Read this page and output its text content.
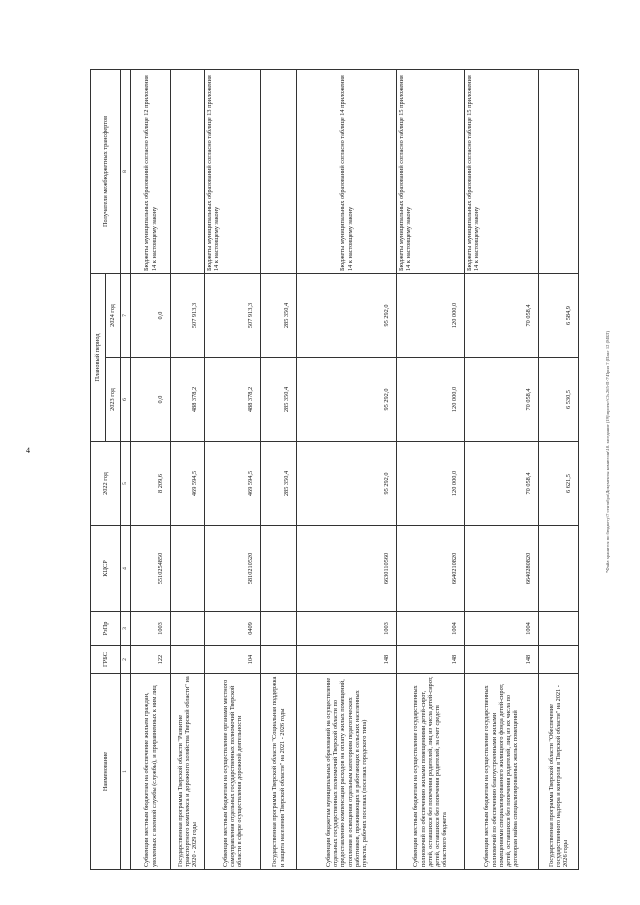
4	*Файл хранится по бюджету\7 сентября\Документы комиссии\18. заседание (19)\проект\Ch.265-П-7\Прил 7 (Пакт 12 (МБТ)
Наименование	ГРБС	РзПр	КЦСР	2022 год	Плановый период		Получатели межбюджетных трансфертов
					2023 год	2024 год	
1	2	3	4	5	6	7	8
Субвенции местным бюджетам на обеспечение жильем граждан, уволенных с военной службы (службы), и приравненных к ним лиц	122	1003	5510254850	8 209,6	0,0	0,0	Бюджеты муниципальных образований согласно таблице 12 приложения 14 к настоящему закону
Государственная программа Тверской области "Развитие транспортного комплекса и дорожного хозяйства Тверской области" на 2020 - 2029 годы				469 594,5	488 378,2	507 913,3	
Субвенции местным бюджетам на осуществление органами местного самоуправления отдельных государственных полномочий Тверской области в сфере осуществления дорожной деятельности	104	0409	5810210520	469 594,5	488 378,2	507 913,3	Бюджеты муниципальных образований согласно таблице 13 приложения 14 к настоящему закону
Государственная программа Тверской области "Социальная поддержка и защита населения Тверской области" на 2021 - 2026 годы				285 350,4	285 350,4	285 350,4	
Субвенции бюджетам муниципальных образований на осуществление отдельных государственных полномочий Тверской области по предоставлению компенсации расходов на оплату жилых помещений, отопления и освещения отдельным категориям педагогических работников, проживающих и работающих в сельских населенных пунктах, рабочих поселках (поселках городского типа)	148	1003	6630110560	95 292,0	95 292,0	95 292,0	Бюджеты муниципальных образований согласно таблице 14 приложения 14 к настоящему закону
Субвенции местным бюджетам на осуществление государственных полномочий по обеспечению жилыми помещениями детей-сирот, детей, оставшихся без попечения родителей, лиц из числа детей-сирот, детей, оставшихся без попечения родителей, за счет средств областного бюджета	148	1004	6640210820	120 000,0	120 000,0	120 000,0	Бюджеты муниципальных образований согласно таблице 15 приложения 14 к настоящему закону
Субвенции местным бюджетам на осуществление государственных полномочий по обеспечению благоустроенными жилыми помещениями специализированного жилищного фонда детей-сирот, детей, оставшихся без попечения родителей, лиц из их числа по договорам найма специализированных жилых помещений	148	1004	6640280820	70 058,4	70 058,4	70 058,4	Бюджеты муниципальных образований согласно таблице 15 приложения 14 к настоящему закону
Государственная программа Тверской области "Обеспечение государственного надзора и контроля в Тверской области" на 2021 - 2026 годы				6 621,5	6 530,5	6 584,9	
